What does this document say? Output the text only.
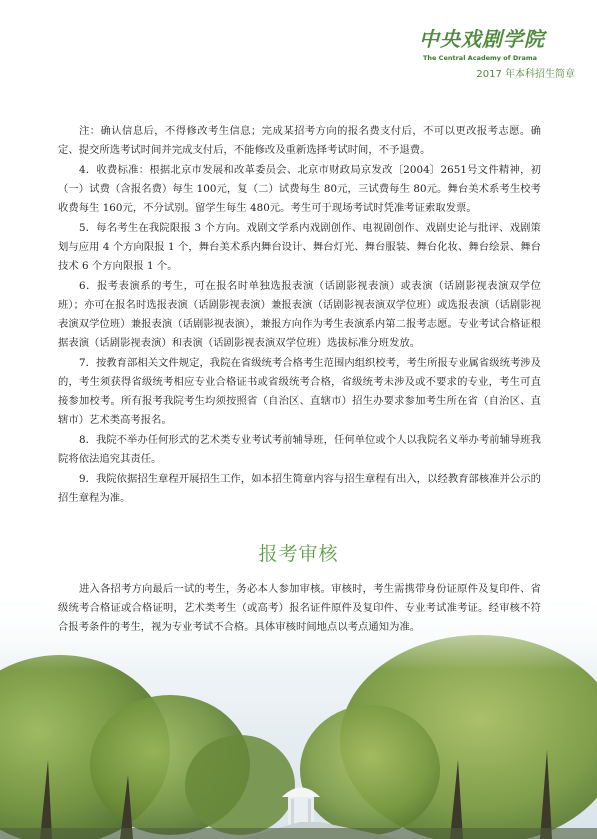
中央戏剧学院
The Central Academy of Drama
2017 年本科招生简章

注：确认信息后，不得修改考生信息；完成某招考方向的报名费支付后，不可以更改报考志愿。确定、提交所选考试时间并完成支付后，不能修改及重新选择考试时间，不予退费。

4．收费标准：根据北京市发展和改革委员会、北京市财政局京发改〔2004〕2651号文件精神，初（一）试费（含报名费）每生 100元，复（二）试费每生 80元，三试费每生 80元。舞台美术系考生校考收费每生 160元，不分试别。留学生每生 480元。考生可于现场考试时凭准考证索取发票。

5．每名考生在我院限报 3 个方向。戏剧文学系内戏剧创作、电视剧创作、戏剧史论与批评、戏剧策划与应用 4 个方向限报 1 个，舞台美术系内舞台设计、舞台灯光、舞台服装、舞台化妆、舞台绘景、舞台技术 6 个方向限报 1 个。

6．报考表演系的考生，可在报名时单独选报表演（话剧影视表演）或表演（话剧影视表演双学位班）；亦可在报名时选报表演（话剧影视表演）兼报表演（话剧影视表演双学位班）或选报表演（话剧影视表演双学位班）兼报表演（话剧影视表演），兼报方向作为考生表演系内第二报考志愿。专业考试合格证根据表演（话剧影视表演）和表演（话剧影视表演双学位班）选拔标准分班发放。

7．按教育部相关文件规定，我院在省级统考合格考生范围内组织校考，考生所报专业属省级统考涉及的，考生须获得省级统考相应专业合格证书或省级统考合格，省级统考未涉及或不要求的专业，考生可直接参加校考。所有报考我院考生均须按照省（自治区、直辖市）招生办要求参加考生所在省（自治区、直辖市）艺术类高考报名。

8．我院不举办任何形式的艺术类专业考试考前辅导班，任何单位或个人以我院名义举办考前辅导班我院将依法追究其责任。

9．我院依据招生章程开展招生工作，如本招生简章内容与招生章程有出入，以经教育部核准并公示的招生章程为准。

报考审核

进入各招考方向最后一试的考生，务必本人参加审核。审核时，考生需携带身份证原件及复印件、省级统考合格证或合格证明，艺术类考生（或高考）报名证件原件及复印件、专业考试准考证。经审核不符合报考条件的考生，视为专业考试不合格。具体审核时间地点以考点通知为准。
